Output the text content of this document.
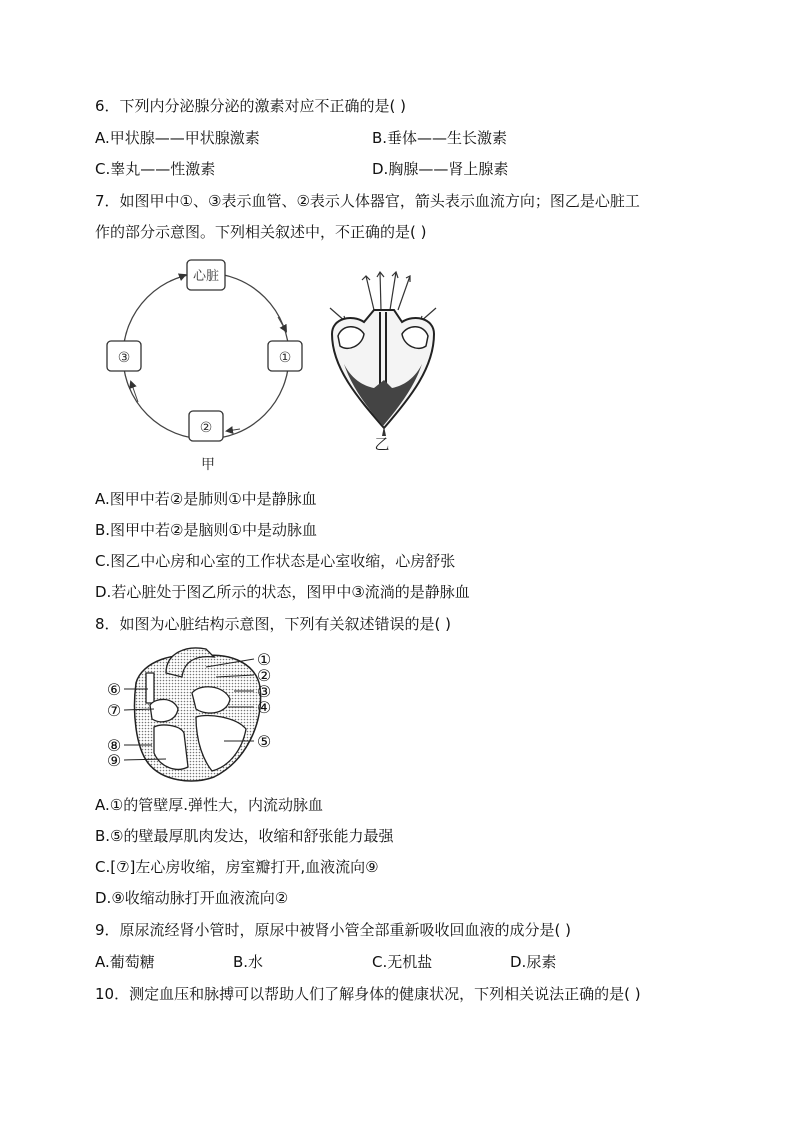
6．下列内分泌腺分泌的激素对应不正确的是( )
A.甲状腺——甲状腺激素	B.垂体——生长激素
C.睾丸——性激素	D.胸腺——肾上腺素
7．如图甲中①、③表示血管、②表示人体器官，箭头表示血流方向；图乙是心脏工
作的部分示意图。下列相关叙述中，不正确的是( )
心脏
①
②
③
甲
乙
A.图甲中若②是肺则①中是静脉血
B.图甲中若②是脑则①中是动脉血
C.图乙中心房和心室的工作状态是心室收缩，心房舒张
D.若心脏处于图乙所示的状态，图甲中③流淌的是静脉血
8．如图为心脏结构示意图，下列有关叙述错误的是( )
①
②
③
④
⑤
⑥
⑦
⑧
⑨
A.①的管壁厚.弹性大，内流动脉血
B.⑤的壁最厚肌肉发达，收缩和舒张能力最强
C.[⑦]左心房收缩，房室瓣打开,血液流向⑨
D.⑨收缩动脉打开血液流向②
9．原尿流经肾小管时，原尿中被肾小管全部重新吸收回血液的成分是( )
A.葡萄糖	B.水	C.无机盐	D.尿素
10．测定血压和脉搏可以帮助人们了解身体的健康状况，下列相关说法正确的是( )
